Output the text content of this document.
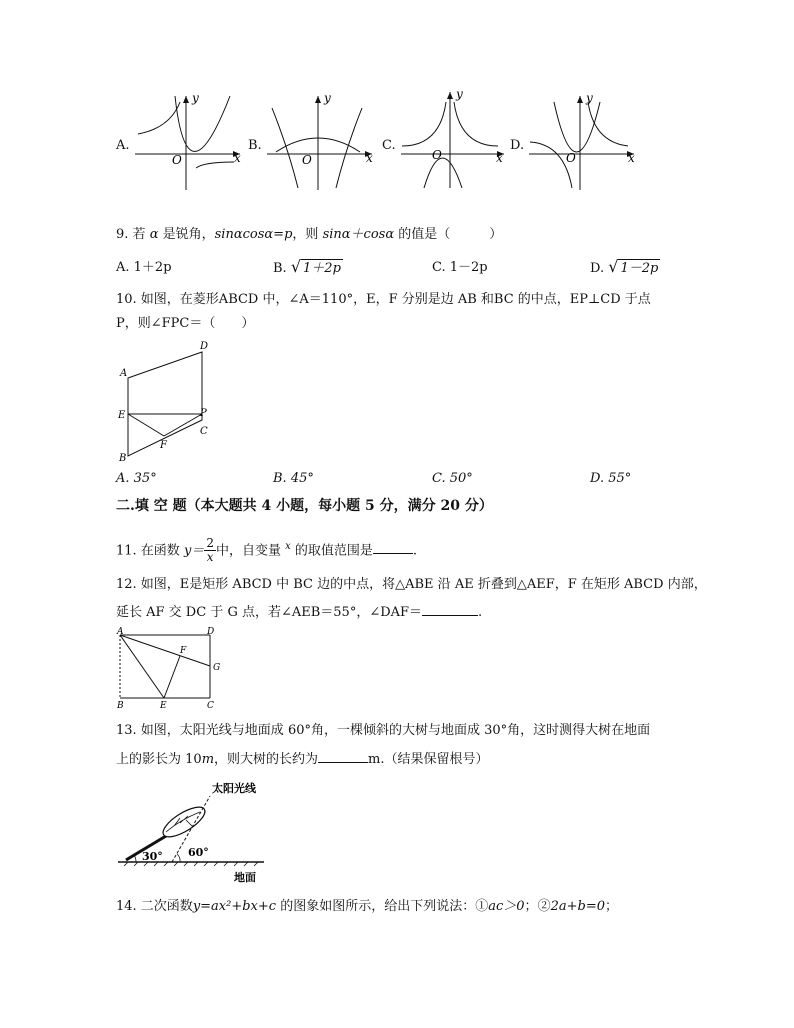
A.
y
x
O
B.
y
x
O
C.
y
x
O
D.
y
x
O
9. 若 α 是锐角，sinαcosα=p，则 sinα＋cosα 的值是（　　　）
A. 1＋2p	B. √ 1＋2p	C. 1－2p	D. √ 1－2p
10. 如图，在菱形ABCD 中，∠A＝110°，E，F 分别是边 AB 和BC 的中点，EP⊥CD 于点
P，则∠FPC＝（　　）
A
D
E	P
C
F
B
A. 35°	B. 45°	C. 50°	D. 55°
二.填 空 题（本大题共 4 小题，每小题 5 分，满分 20 分）
11. 在函数 $y= \frac{2}{x}$ 中，自变量 $^x$ 的取值范围是	.
12. 如图，E是矩形 ABCD 中 BC 边的中点，将△ABE 沿 AE 折叠到△AEF，F 在矩形 ABCD 内部，
延长 AF 交 DC 于 G 点，若∠AEB＝55°，∠DAF＝	.
A	D
F
G
B	E	C
13. 如图，太阳光线与地面成 60°角，一棵倾斜的大树与地面成 30°角，这时测得大树在地面
上的影长为 10m，则大树的长约为	m.（结果保留根号）
太阳光线
30° 60°
地面
14. 二次函数y=ax²+bx+c 的图象如图所示，给出下列说法：①ac＞0；②2a+b=0；
